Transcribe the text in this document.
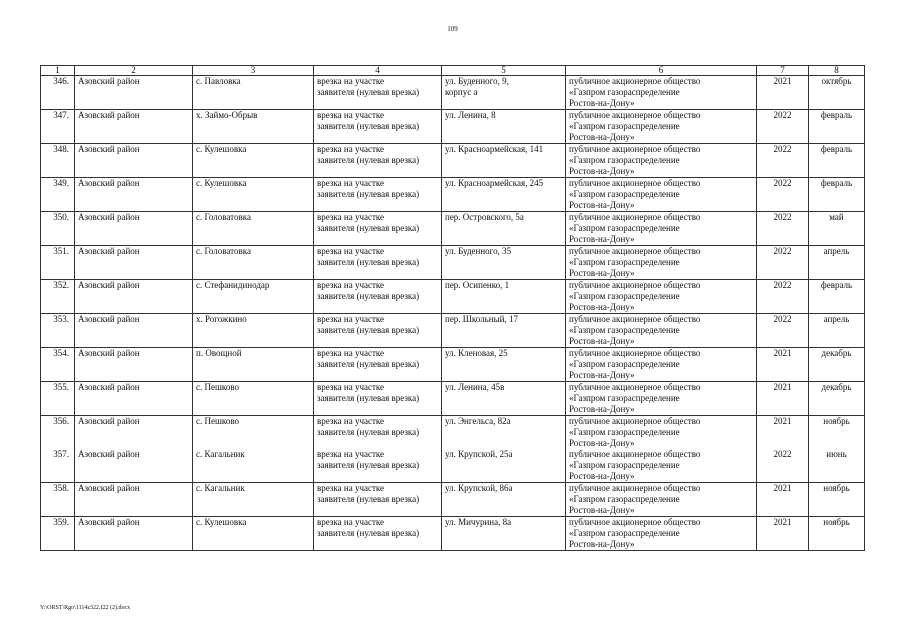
109
1	2	3	4	5	6	7	8
346.	Азовский район	с. Павловка	врезка на участке
заявителя (нулевая врезка)	ул. Буденного, 9,
корпус а	публичное акционерное общество
«Газпром газораспределение
Ростов-на-Дону»	2021	октябрь
347.	Азовский район	х. Займо-Обрыв	врезка на участке
заявителя (нулевая врезка)	ул. Ленина, 8	публичное акционерное общество
«Газпром газораспределение
Ростов-на-Дону»	2022	февраль
348.	Азовский район	с. Кулешовка	врезка на участке
заявителя (нулевая врезка)	ул. Красноармейская, 141	публичное акционерное общество
«Газпром газораспределение
Ростов-на-Дону»	2022	февраль
349.	Азовский район	с. Кулешовка	врезка на участке
заявителя (нулевая врезка)	ул. Красноармейская, 245	публичное акционерное общество
«Газпром газораспределение
Ростов-на-Дону»	2022	февраль
350.	Азовский район	с. Головатовка	врезка на участке
заявителя (нулевая врезка)	пер. Островского, 5а	публичное акционерное общество
«Газпром газораспределение
Ростов-на-Дону»	2022	май
351.	Азовский район	с. Головатовка	врезка на участке
заявителя (нулевая врезка)	ул. Буденного, 35	публичное акционерное общество
«Газпром газораспределение
Ростов-на-Дону»	2022	апрель
352.	Азовский район	с. Стефанидинодар	врезка на участке
заявителя (нулевая врезка)	пер. Осипенко, 1	публичное акционерное общество
«Газпром газораспределение
Ростов-на-Дону»	2022	февраль
353.	Азовский район	х. Рогожкино	врезка на участке
заявителя (нулевая врезка)	пер. Школьный, 17	публичное акционерное общество
«Газпром газораспределение
Ростов-на-Дону»	2022	апрель
354.	Азовский район	п. Овощной	врезка на участке
заявителя (нулевая врезка)	ул. Кленовая, 25	публичное акционерное общество
«Газпром газораспределение
Ростов-на-Дону»	2021	декабрь
355.	Азовский район	с. Пешково	врезка на участке
заявителя (нулевая врезка)	ул. Ленина, 45в	публичное акционерное общество
«Газпром газораспределение
Ростов-на-Дону»	2021	декабрь
356.	Азовский район	с. Пешково	врезка на участке
заявителя (нулевая врезка)	ул. Энгельса, 82а	публичное акционерное общество
«Газпром газораспределение
Ростов-на-Дону»	2021	ноябрь
357.	Азовский район	с. Кагальник	врезка на участке
заявителя (нулевая врезка)	ул. Крупской, 25а	публичное акционерное общество
«Газпром газораспределение
Ростов-на-Дону»	2022	июнь
358.	Азовский район	с. Кагальник	врезка на участке
заявителя (нулевая врезка)	ул. Крупской, 86а	публичное акционерное общество
«Газпром газораспределение
Ростов-на-Дону»	2021	ноябрь
359.	Азовский район	с. Кулешовка	врезка на участке
заявителя (нулевая врезка)	ул. Мичурина, 8а	публичное акционерное общество
«Газпром газораспределение
Ростов-на-Дону»	2021	ноябрь
Y:\ORST\Rgo\1114z322.f22 (2).docx
